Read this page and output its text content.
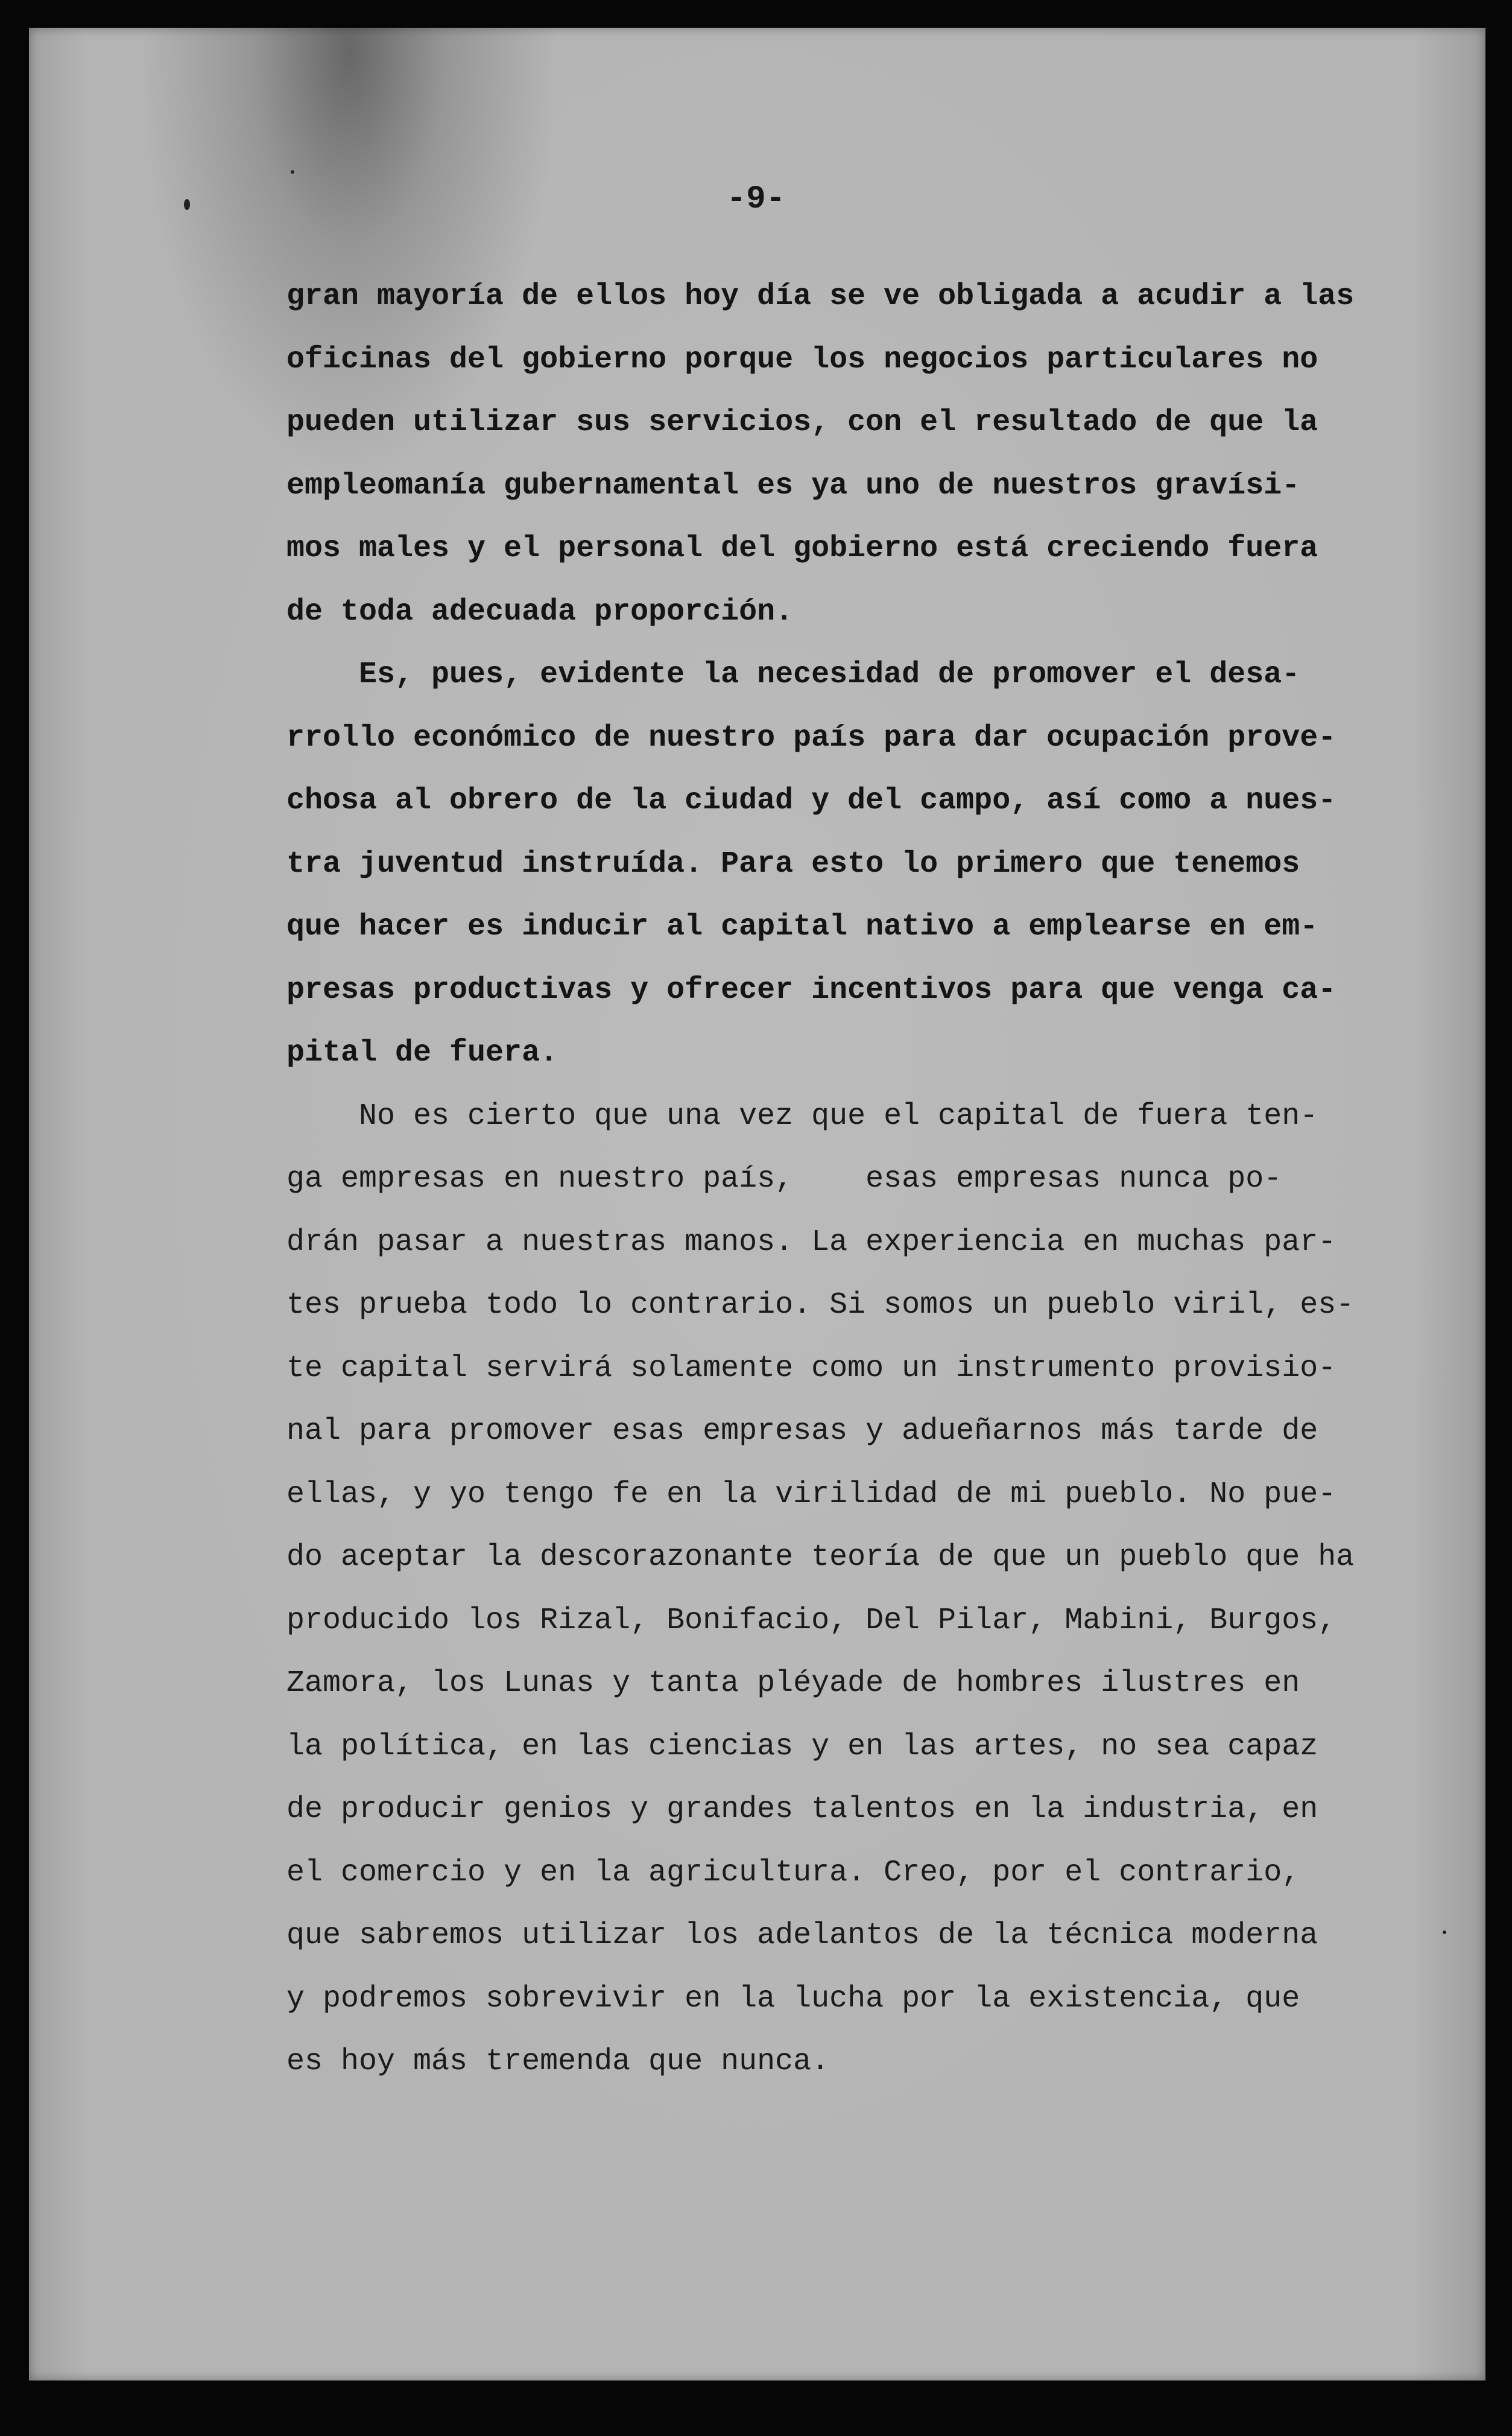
-9-
gran mayoría de ellos hoy día se ve obligada a acudir a las
oficinas del gobierno porque los negocios particulares no
pueden utilizar sus servicios, con el resultado de que la
empleomanía gubernamental es ya uno de nuestros gravísi-
mos males y el personal del gobierno está creciendo fuera
de toda adecuada proporción.
Es, pues, evidente la necesidad de promover el desa-
rrollo económico de nuestro país para dar ocupación prove-
chosa al obrero de la ciudad y del campo, así como a nues-
tra juventud instruída. Para esto lo primero que tenemos
que hacer es inducir al capital nativo a emplearse en em-
presas productivas y ofrecer incentivos para que venga ca-
pital de fuera.
No es cierto que una vez que el capital de fuera ten-
ga empresas en nuestro país,    esas empresas nunca po-
drán pasar a nuestras manos. La experiencia en muchas par-
tes prueba todo lo contrario. Si somos un pueblo viril, es-
te capital servirá solamente como un instrumento provisio-
nal para promover esas empresas y adueñarnos más tarde de
ellas, y yo tengo fe en la virilidad de mi pueblo. No pue-
do aceptar la descorazonante teoría de que un pueblo que ha
producido los Rizal, Bonifacio, Del Pilar, Mabini, Burgos,
Zamora, los Lunas y tanta pléyade de hombres ilustres en
la política, en las ciencias y en las artes, no sea capaz
de producir genios y grandes talentos en la industria, en
el comercio y en la agricultura. Creo, por el contrario,
que sabremos utilizar los adelantos de la técnica moderna
y podremos sobrevivir en la lucha por la existencia, que
es hoy más tremenda que nunca.
